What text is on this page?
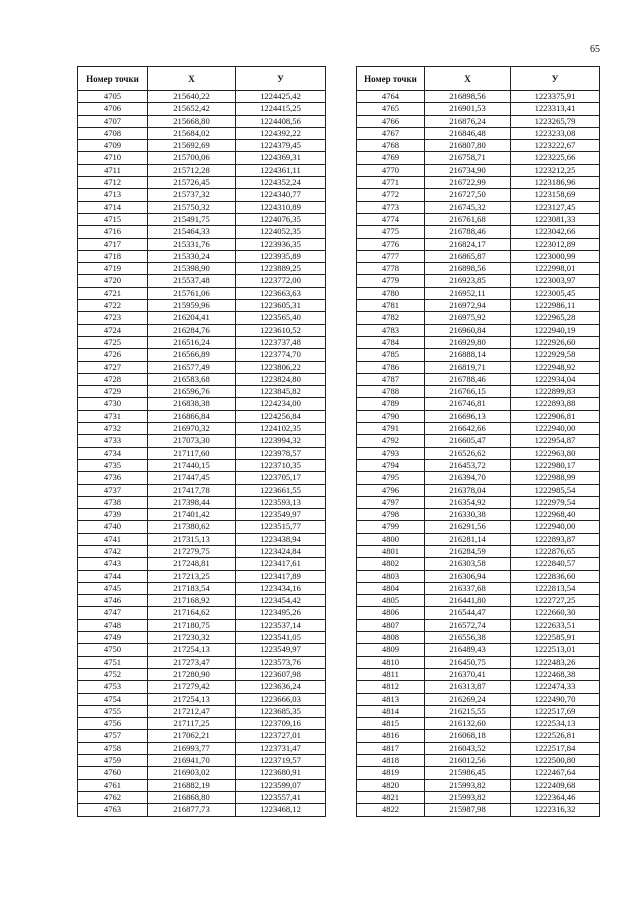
65
Номер точки	X	У
4705	215640,22	1224425,42
4706	215652,42	1224415,25
4707	215668,80	1224408,56
4708	215684,02	1224392,22
4709	215692,69	1224379,45
4710	215700,06	1224369,31
4711	215712,28	1224361,11
4712	215726,45	1224352,24
4713	215737,32	1224340,77
4714	215750,32	1224310,89
4715	215491,75	1224076,35
4716	215464,33	1224052,35
4717	215331,76	1223936,35
4718	215330,24	1223935,89
4719	215398,90	1223889,25
4720	215537,48	1223772,00
4721	215761,06	1223663,63
4722	215959,96	1223605,31
4723	216204,41	1223565,40
4724	216284,76	1223610,52
4725	216516,24	1223737,48
4726	216566,89	1223774,70
4727	216577,49	1223806,22
4728	216583,68	1223824,80
4729	216596,76	1223845,82
4730	216838,38	1224234,00
4731	216866,84	1224256,84
4732	216970,32	1224102,35
4733	217073,30	1223994,32
4734	217117,60	1223978,57
4735	217440,15	1223710,35
4736	217447,45	1223705,17
4737	217417,78	1223661,55
4738	217398,44	1223593,13
4739	217401,42	1223549,97
4740	217380,62	1223515,77
4741	217315,13	1223438,94
4742	217279,75	1223424,84
4743	217248,81	1223417,61
4744	217213,25	1223417,89
4745	217183,54	1223434,16
4746	217168,92	1223454,42
4747	217164,62	1223495,26
4748	217180,75	1223537,14
4749	217230,32	1223541,05
4750	217254,13	1223549,97
4751	217273,47	1223573,76
4752	217280,90	1223607,98
4753	217279,42	1223636,24
4754	217254,13	1223666,03
4755	217212,47	1223685,35
4756	217117,25	1223709,16
4757	217062,21	1223727,01
4758	216993,77	1223731,47
4759	216941,70	1223719,57
4760	216903,02	1223680,91
4761	216882,19	1223599,07
4762	216868,80	1223557,41
4763	216877,73	1223468,12
Номер точки	X	У
4764	216898,56	1223375,91
4765	216901,53	1223313,41
4766	216876,24	1223265,79
4767	216846,48	1223233,08
4768	216807,80	1223222,67
4769	216758,71	1223225,66
4770	216734,90	1223212,25
4771	216722,99	1223186,96
4772	216727,50	1223158,69
4773	216745,32	1223127,45
4774	216761,68	1223081,33
4775	216788,46	1223042,66
4776	216824,17	1223012,89
4777	216865,87	1223000,99
4778	216898,56	1222998,01
4779	216923,85	1223003,97
4780	216952,11	1223005,45
4781	216972,94	1222986,11
4782	216975,92	1222965,28
4783	216960,84	1222940,19
4784	216929,80	1222926,60
4785	216888,14	1222929,58
4786	216819,71	1222948,92
4787	216788,46	1222934,04
4788	216766,15	1222899,83
4789	216746,81	1222893,88
4790	216696,13	1222906,81
4791	216642,66	1222940,00
4792	216605,47	1222954,87
4793	216526,62	1222963,80
4794	216453,72	1222980,17
4795	216394,70	1222988,99
4796	216378,04	1222985,54
4797	216354,92	1222979,54
4798	216330,38	1222968,40
4799	216291,56	1222940,00
4800	216281,14	1222893,87
4801	216284,59	1222876,65
4802	216303,58	1222840,57
4803	216306,94	1222836,60
4804	216337,68	1222813,54
4805	216441,80	1222727,25
4806	216544,47	1222660,30
4807	216572,74	1222633,51
4808	216556,38	1222585,91
4809	216489,43	1222513,01
4810	216450,75	1222483,26
4811	216370,41	1222468,38
4812	216313,87	1222474,33
4813	216269,24	1222490,70
4814	216215,55	1222517,69
4815	216132,60	1222534,13
4816	216068,18	1222526,81
4817	216043,52	1222517,84
4818	216012,56	1222500,80
4819	215986,45	1222467,64
4820	215993,82	1222409,68
4821	215993,82	1222364,46
4822	215987,98	1222316,32
